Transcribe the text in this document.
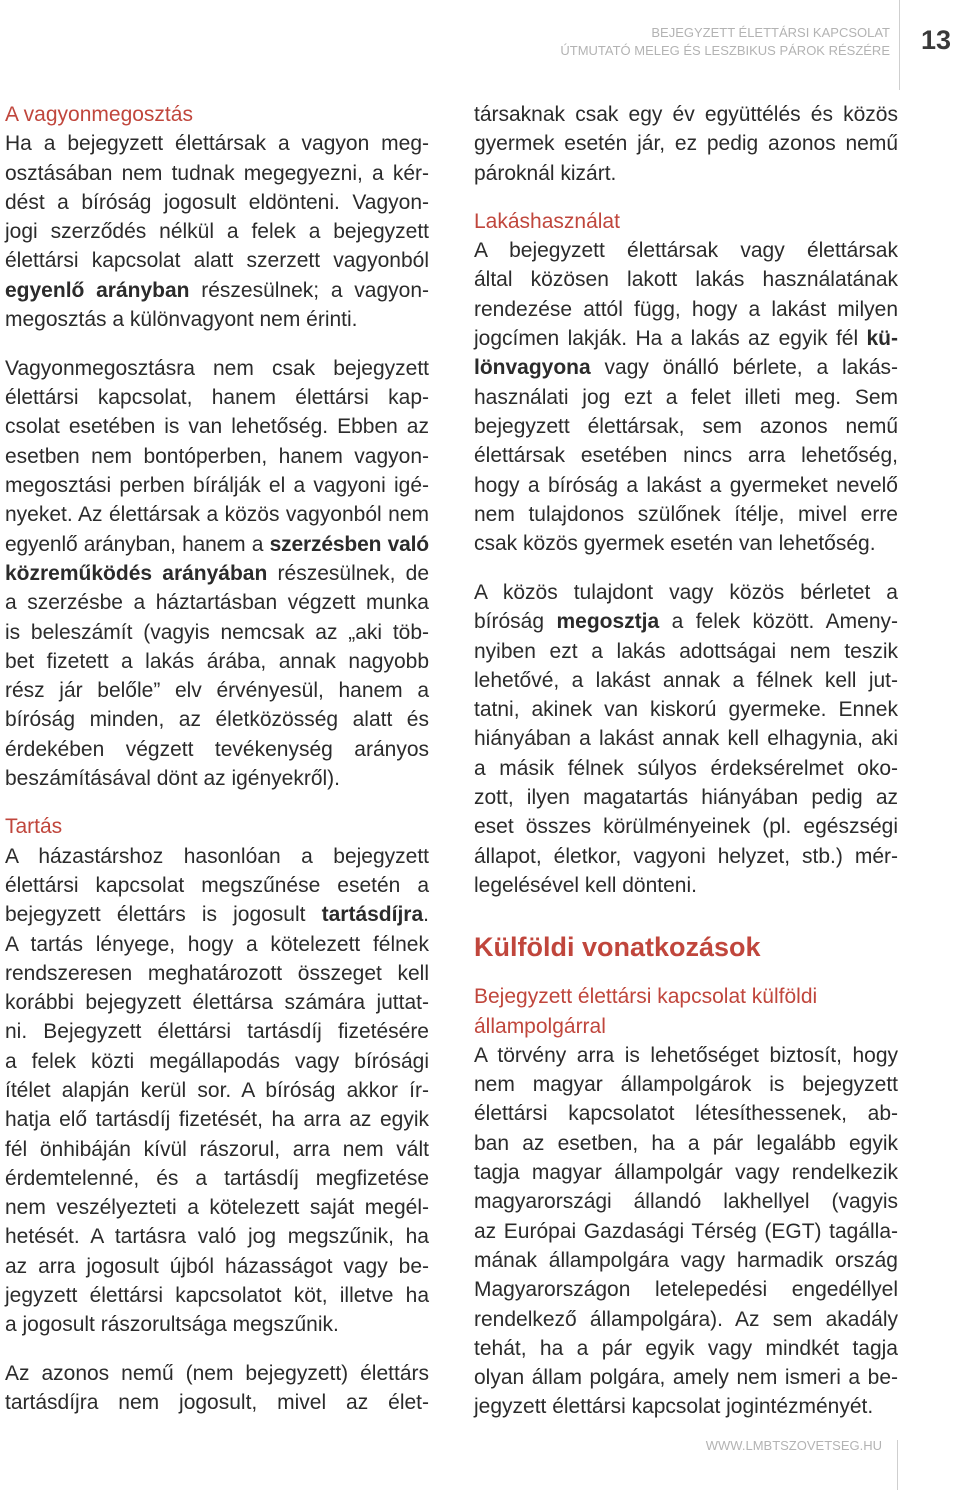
BEJEGYZETT ÉLETTÁRSI KAPCSOLAT
ÚTMUTATÓ MELEG ÉS LESZBIKUS PÁROK RÉSZÉRE 13
A vagyonmegosztás
Ha a bejegyzett élettársak a vagyon meg-
osztásában nem tudnak megegyezni, a kér-
dést a bíróság jogosult eldönteni. Vagyon-
jogi szerződés nélkül a felek a bejegyzett
élettársi kapcsolat alatt szerzett vagyonból
egyenlő arányban részesülnek; a vagyon-
megosztás a különvagyont nem érinti.
Vagyonmegosztásra nem csak bejegyzett
élettársi kapcsolat, hanem élettársi kap-
csolat esetében is van lehetőség. Ebben az
esetben nem bontóperben, hanem vagyon-
megosztási perben bírálják el a vagyoni igé-
nyeket. Az élettársak a közös vagyonból nem
egyenlő arányban, hanem a szerzésben való
közreműködés arányában részesülnek, de
a szerzésbe a háztartásban végzett munka
is beleszámít (vagyis nemcsak az „aki töb-
bet fizetett a lakás árába, annak nagyobb
rész jár belőle” elv érvényesül, hanem a
bíróság minden, az életközösség alatt és
érdekében végzett tevékenység arányos
beszámításával dönt az igényekről).
Tartás
A házastárshoz hasonlóan a bejegyzett
élettársi kapcsolat megszűnése esetén a
bejegyzett élettárs is jogosult tartásdíjra.
A tartás lényege, hogy a kötelezett félnek
rendszeresen meghatározott összeget kell
korábbi bejegyzett élettársa számára juttat-
ni. Bejegyzett élettársi tartásdíj fizetésére
a felek közti megállapodás vagy bírósági
ítélet alapján kerül sor. A bíróság akkor ír-
hatja elő tartásdíj fizetését, ha arra az egyik
fél önhibáján kívül rászorul, arra nem vált
érdemtelenné, és a tartásdíj megfizetése
nem veszélyezteti a kötelezett saját megél-
hetését. A tartásra való jog megszűnik, ha
az arra jogosult újból házasságot vagy be-
jegyzett élettársi kapcsolatot köt, illetve ha
a jogosult rászorultsága megszűnik.
Az azonos nemű (nem bejegyzett) élettárs
tartásdíjra nem jogosult, mivel az élet-
társaknak csak egy év együttélés és közös
gyermek esetén jár, ez pedig azonos nemű
pároknál kizárt.
Lakáshasználat
A bejegyzett élettársak vagy élettársak
által közösen lakott lakás használatának
rendezése attól függ, hogy a lakást milyen
jogcímen lakják. Ha a lakás az egyik fél kü-
lönvagyona vagy önálló bérlete, a lakás-
használati jog ezt a felet illeti meg. Sem
bejegyzett élettársak, sem azonos nemű
élettársak esetében nincs arra lehetőség,
hogy a bíróság a lakást a gyermeket nevelő
nem tulajdonos szülőnek ítélje, mivel erre
csak közös gyermek esetén van lehetőség.
A közös tulajdont vagy közös bérletet a
bíróság megosztja a felek között. Ameny-
nyiben ezt a lakás adottságai nem teszik
lehetővé, a lakást annak a félnek kell jut-
tatni, akinek van kiskorú gyermeke. Ennek
hiányában a lakást annak kell elhagynia, aki
a másik félnek súlyos érdeksérelmet oko-
zott, ilyen magatartás hiányában pedig az
eset összes körülményeinek (pl. egészségi
állapot, életkor, vagyoni helyzet, stb.) mér-
legelésével kell dönteni.
Külföldi vonatkozások
Bejegyzett élettársi kapcsolat külföldi
állampolgárral
A törvény arra is lehetőséget biztosít, hogy
nem magyar állampolgárok is bejegyzett
élettársi kapcsolatot létesíthessenek, ab-
ban az esetben, ha a pár legalább egyik
tagja magyar állampolgár vagy rendelkezik
magyarországi állandó lakhellyel (vagyis
az Európai Gazdasági Térség (EGT) tagálla-
mának állampolgára vagy harmadik ország
Magyarországon letelepedési engedéllyel
rendelkező állampolgára). Az sem akadály
tehát, ha a pár egyik vagy mindkét tagja
olyan állam polgára, amely nem ismeri a be-
jegyzett élettársi kapcsolat jogintézményét.
WWW.LMBTSZOVETSEG.HU
